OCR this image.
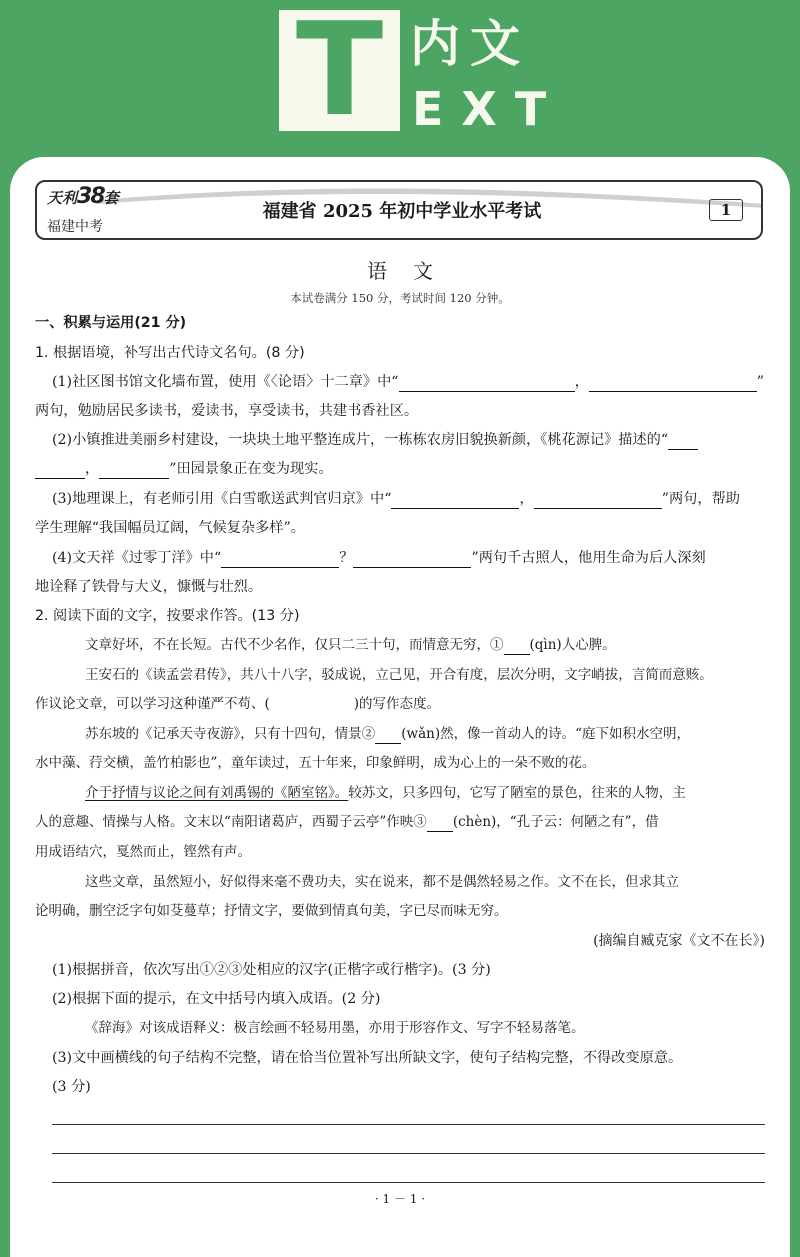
T 内文
EXT
天利38套
福建中考
福建省 2025 年初中学业水平考试	1
语文
本试卷满分 150 分，考试时间 120 分钟。
一、积累与运用(21 分)
1. 根据语境，补写出古代诗文名句。(8 分)
(1)社区图书馆文化墙布置，使用《〈论语〉十二章》中“	，	”
两句，勉励居民多读书，爱读书，享受读书，共建书香社区。
(2)小镇推进美丽乡村建设，一块块土地平整连成片，一栋栋农房旧貌换新颜，《桃花源记》描述的“
，	”田园景象正在变为现实。
(3)地理课上，有老师引用《白雪歌送武判官归京》中“	，	”两句，帮助
学生理解“我国幅员辽阔，气候复杂多样”。
(4)文天祥《过零丁洋》中“	？	”两句千古照人，他用生命为后人深刻
地诠释了铁骨与大义，慷慨与壮烈。
2. 阅读下面的文字，按要求作答。(13 分)
文章好坏，不在长短。古代不少名作，仅只二三十句，而情意无穷，① (qìn)人心脾。
王安石的《读孟尝君传》，共八十八字，驳成说，立己见，开合有度，层次分明，文字峭拔，言简而意赅。
作议论文章，可以学习这种谨严不苟、(	)的写作态度。
苏东坡的《记承天寺夜游》，只有十四句，情景② (wǎn)然，像一首动人的诗。“庭下如积水空明，
水中藻、荇交横，盖竹柏影也”，童年读过，五十年来，印象鲜明，成为心上的一朵不败的花。
介于抒情与议论之间有刘禹锡的《陋室铭》。较苏文，只多四句，它写了陋室的景色，往来的人物，主
人的意趣、情操与人格。文末以“南阳诸葛庐，西蜀子云亭”作映③ (chèn)，“孔子云：何陋之有”，借
用成语结穴，戛然而止，铿然有声。
这些文章，虽然短小，好似得来毫不费功夫，实在说来，都不是偶然轻易之作。文不在长，但求其立
论明确，删空泛字句如芟蔓草；抒情文字，要做到情真句美，字已尽而味无穷。
(摘编自臧克家《文不在长》)
(1)根据拼音，依次写出①②③处相应的汉字(正楷字或行楷字)。(3 分)
(2)根据下面的提示，在文中括号内填入成语。(2 分)
《辞海》对该成语释义：极言绘画不轻易用墨，亦用于形容作文、写字不轻易落笔。
(3)文中画横线的句子结构不完整，请在恰当位置补写出所缺文字，使句子结构完整，不得改变原意。
(3 分)
· 1 － 1 ·
